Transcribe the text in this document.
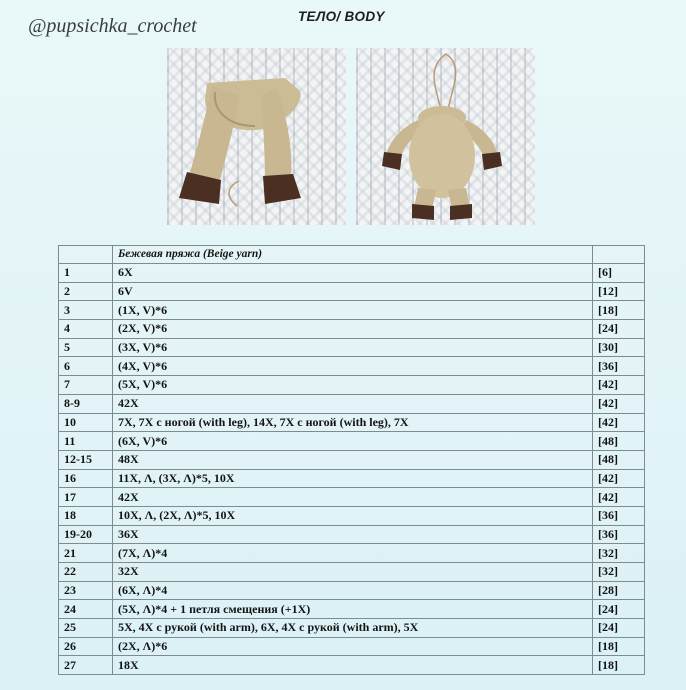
@pupsichka_crochet	ТЕЛО/ BODY
	Бежевая пряжа (Beige yarn)	
1	6X	[6]
2	6V	[12]
3	(1X, V)*6	[18]
4	(2X, V)*6	[24]
5	(3X, V)*6	[30]
6	(4X, V)*6	[36]
7	(5X, V)*6	[42]
8-9	42X	[42]
10	7X, 7X с ногой (with leg), 14X, 7X с ногой (with leg), 7X	[42]
11	(6X, V)*6	[48]
12-15	48X	[48]
16	11X, Λ, (3X, Λ)*5, 10X	[42]
17	42X	[42]
18	10X, Λ, (2X, Λ)*5, 10X	[36]
19-20	36X	[36]
21	(7X, Λ)*4	[32]
22	32X	[32]
23	(6X, Λ)*4	[28]
24	(5X, Λ)*4 + 1 петля смещения (+1X)	[24]
25	5X, 4X с рукой (with arm), 6X, 4X с рукой (with arm), 5X	[24]
26	(2X, Λ)*6	[18]
27	18X	[18]
